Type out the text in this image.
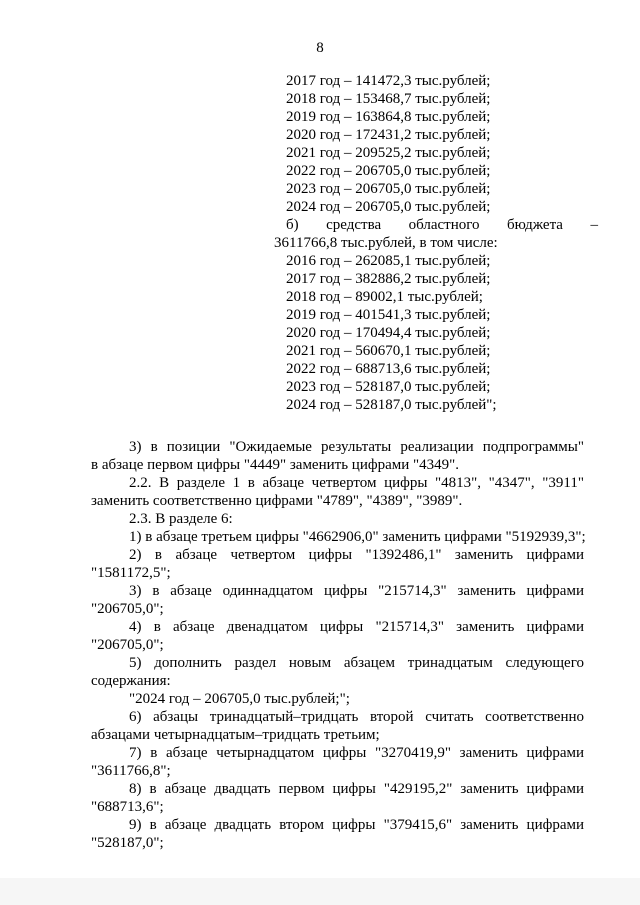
8
2017 год – 141472,3 тыс.рублей;
2018 год – 153468,7 тыс.рублей;
2019 год – 163864,8 тыс.рублей;
2020 год – 172431,2 тыс.рублей;
2021 год – 209525,2 тыс.рублей;
2022 год – 206705,0 тыс.рублей;
2023 год – 206705,0 тыс.рублей;
2024 год – 206705,0 тыс.рублей;
б) средства областного бюджета –
3611766,8 тыс.рублей, в том числе:
2016 год – 262085,1 тыс.рублей;
2017 год – 382886,2 тыс.рублей;
2018 год – 89002,1 тыс.рублей;
2019 год – 401541,3 тыс.рублей;
2020 год – 170494,4 тыс.рублей;
2021 год – 560670,1 тыс.рублей;
2022 год – 688713,6 тыс.рублей;
2023 год – 528187,0 тыс.рублей;
2024 год – 528187,0 тыс.рублей";
3) в позиции "Ожидаемые результаты реализации подпрограммы"
в абзаце первом цифры "4449" заменить цифрами "4349".
2.2. В разделе 1 в абзаце четвертом цифры "4813", "4347", "3911"
заменить соответственно цифрами "4789", "4389", "3989".
2.3. В разделе 6:
1) в абзаце третьем цифры "4662906,0" заменить цифрами "5192939,3";
2) в абзаце четвертом цифры "1392486,1" заменить цифрами
"1581172,5";
3) в абзаце одиннадцатом цифры "215714,3" заменить цифрами
"206705,0";
4) в абзаце двенадцатом цифры "215714,3" заменить цифрами
"206705,0";
5) дополнить раздел новым абзацем тринадцатым следующего
содержания:
"2024 год – 206705,0 тыс.рублей;";
6) абзацы тринадцатый–тридцать второй считать соответственно
абзацами четырнадцатым–тридцать третьим;
7) в абзаце четырнадцатом цифры "3270419,9" заменить цифрами
"3611766,8";
8) в абзаце двадцать первом цифры "429195,2" заменить цифрами
"688713,6";
9) в абзаце двадцать втором цифры "379415,6" заменить цифрами
"528187,0";
